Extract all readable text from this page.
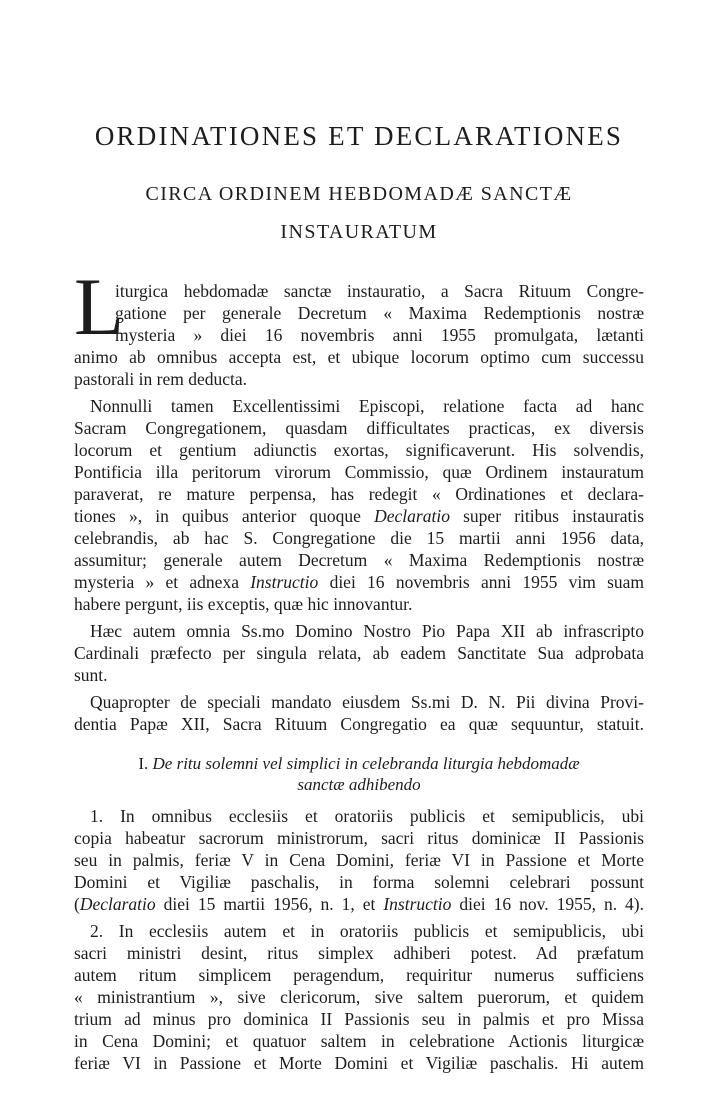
ORDINATIONES ET DECLARATIONES
CIRCA ORDINEM HEBDOMADÆ SANCTÆ
INSTAURATUM
L
iturgica hebdomadæ sanctæ instauratio, a Sacra Rituum Congre-
gatione per generale Decretum « Maxima Redemptionis nostræ
mysteria » diei 16 novembris anni 1955 promulgata, lætanti
animo ab omnibus accepta est, et ubique locorum optimo cum successu
pastorali in rem deducta.
Nonnulli tamen Excellentissimi Episcopi, relatione facta ad hanc
Sacram Congregationem, quasdam difficultates practicas, ex diversis
locorum et gentium adiunctis exortas, significaverunt. His solvendis,
Pontificia illa peritorum virorum Commissio, quæ Ordinem instauratum
paraverat, re mature perpensa, has redegit « Ordinationes et declara-
tiones », in quibus anterior quoque Declaratio super ritibus instauratis
celebrandis, ab hac S. Congregatione die 15 martii anni 1956 data,
assumitur; generale autem Decretum « Maxima Redemptionis nostræ
mysteria » et adnexa Instructio diei 16 novembris anni 1955 vim suam
habere pergunt, iis exceptis, quæ hic innovantur.
Hæc autem omnia Ss.mo Domino Nostro Pio Papa XII ab infrascripto
Cardinali præfecto per singula relata, ab eadem Sanctitate Sua adprobata
sunt.
Quapropter de speciali mandato eiusdem Ss.mi D. N. Pii divina Provi-
dentia Papæ XII, Sacra Rituum Congregatio ea quæ sequuntur, statuit.
I. De ritu solemni vel simplici in celebranda liturgia hebdomadæ
sanctæ adhibendo
1. In omnibus ecclesiis et oratoriis publicis et semipublicis, ubi
copia habeatur sacrorum ministrorum, sacri ritus dominicæ II Passionis
seu in palmis, feriæ V in Cena Domini, feriæ VI in Passione et Morte
Domini et Vigiliæ paschalis, in forma solemni celebrari possunt
(Declaratio diei 15 martii 1956, n. 1, et Instructio diei 16 nov. 1955, n. 4).
2. In ecclesiis autem et in oratoriis publicis et semipublicis, ubi
sacri ministri desint, ritus simplex adhiberi potest. Ad præfatum
autem ritum simplicem peragendum, requiritur numerus sufficiens
« ministrantium », sive clericorum, sive saltem puerorum, et quidem
trium ad minus pro dominica II Passionis seu in palmis et pro Missa
in Cena Domini; et quatuor saltem in celebratione Actionis liturgicæ
feriæ VI in Passione et Morte Domini et Vigiliæ paschalis. Hi autem
